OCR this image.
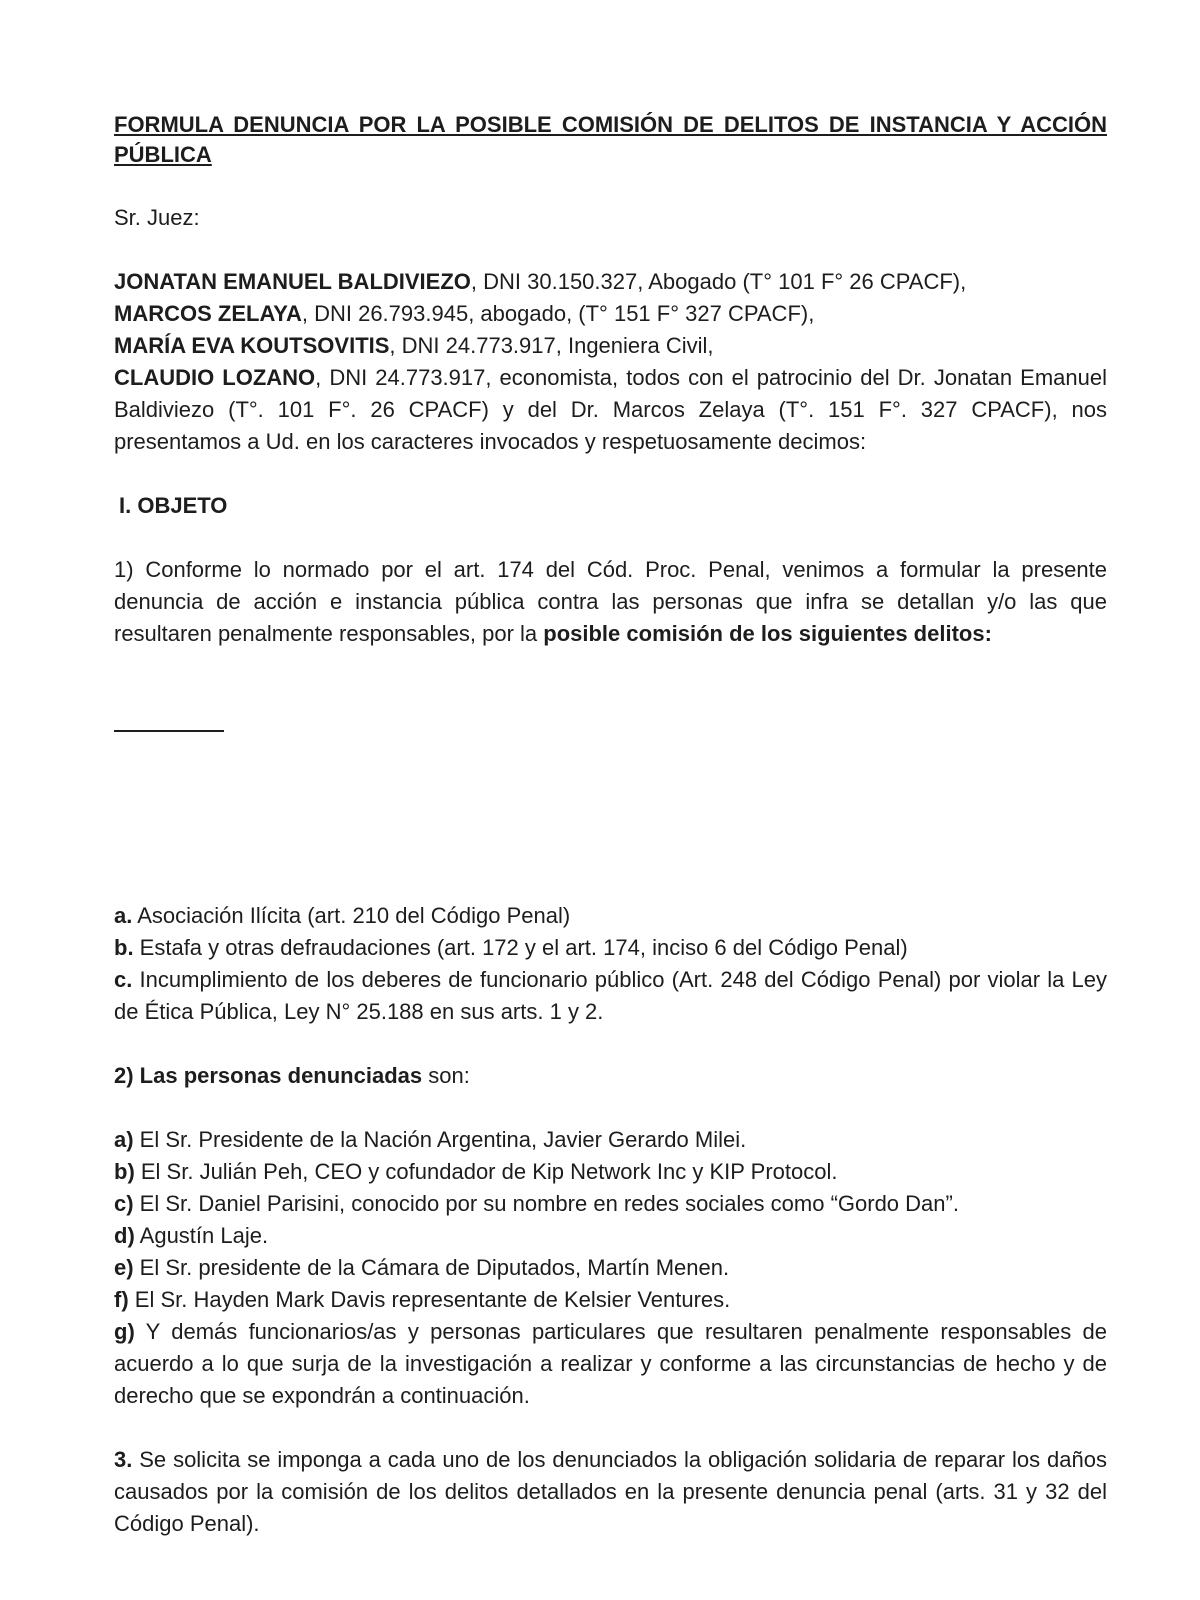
FORMULA DENUNCIA POR LA POSIBLE COMISIÓN DE DELITOS DE INSTANCIA Y ACCIÓN PÚBLICA

Sr. Juez:

JONATAN EMANUEL BALDIVIEZO, DNI 30.150.327, Abogado (T° 101 F° 26 CPACF),

MARCOS ZELAYA, DNI 26.793.945, abogado, (T° 151 F° 327 CPACF),

MARÍA EVA KOUTSOVITIS, DNI 24.773.917, Ingeniera Civil,

CLAUDIO LOZANO, DNI 24.773.917, economista, todos con el patrocinio del Dr. Jonatan Emanuel Baldiviezo (T°. 101 F°. 26 CPACF) y del Dr. Marcos Zelaya (T°. 151 F°. 327 CPACF), nos presentamos a Ud. en los caracteres invocados y respetuosamente decimos:

I. OBJETO

1) Conforme lo normado por el art. 174 del Cód. Proc. Penal, venimos a formular la presente denuncia de acción e instancia pública contra las personas que infra se detallan y/o las que resultaren penalmente responsables, por la posible comisión de los siguientes delitos:

a. Asociación Ilícita (art. 210 del Código Penal)

b. Estafa y otras defraudaciones (art. 172 y el art. 174, inciso 6 del Código Penal)

c. Incumplimiento de los deberes de funcionario público (Art. 248 del Código Penal) por violar la Ley de Ética Pública, Ley N° 25.188 en sus arts. 1 y 2.

2) Las personas denunciadas son:

a) El Sr. Presidente de la Nación Argentina, Javier Gerardo Milei.

b) El Sr. Julián Peh, CEO y cofundador de Kip Network Inc y KIP Protocol.

c) El Sr. Daniel Parisini, conocido por su nombre en redes sociales como “Gordo Dan”.

d) Agustín Laje.

e) El Sr. presidente de la Cámara de Diputados, Martín Menen.

f) El Sr. Hayden Mark Davis representante de Kelsier Ventures.

g) Y demás funcionarios/as y personas particulares que resultaren penalmente responsables de acuerdo a lo que surja de la investigación a realizar y conforme a las circunstancias de hecho y de derecho que se expondrán a continuación.

3. Se solicita se imponga a cada uno de los denunciados la obligación solidaria de reparar los daños causados por la comisión de los delitos detallados en la presente denuncia penal (arts. 31 y 32 del Código Penal).
